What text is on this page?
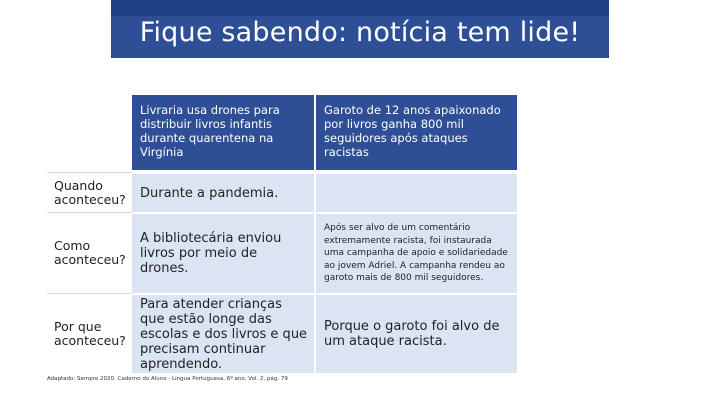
Fique sabendo: notícia tem lide!
Livraria usa drones para distribuir livros infantis durante quarentena na Virgínia
Garoto de 12 anos apaixonado por livros ganha 800 mil seguidores após ataques racistas
Quando aconteceu?	Durante a pandemia.
Como aconteceu?
A bibliotecária enviou livros por meio de drones.
Após ser alvo de um comentário extremamente racista, foi instaurada uma campanha de apoio e solidariedade ao jovem Adriel. A campanha rendeu ao garoto mais de 800 mil seguidores.
Por que aconteceu?
Para atender crianças que estão longe das escolas e dos livros e que precisam continuar aprendendo.
Porque o garoto foi alvo de um ataque racista.
Adaptado: Sempre 2020. Caderno do Aluno - Língua Portuguesa, 6º ano, Vol. 2, pág. 79
